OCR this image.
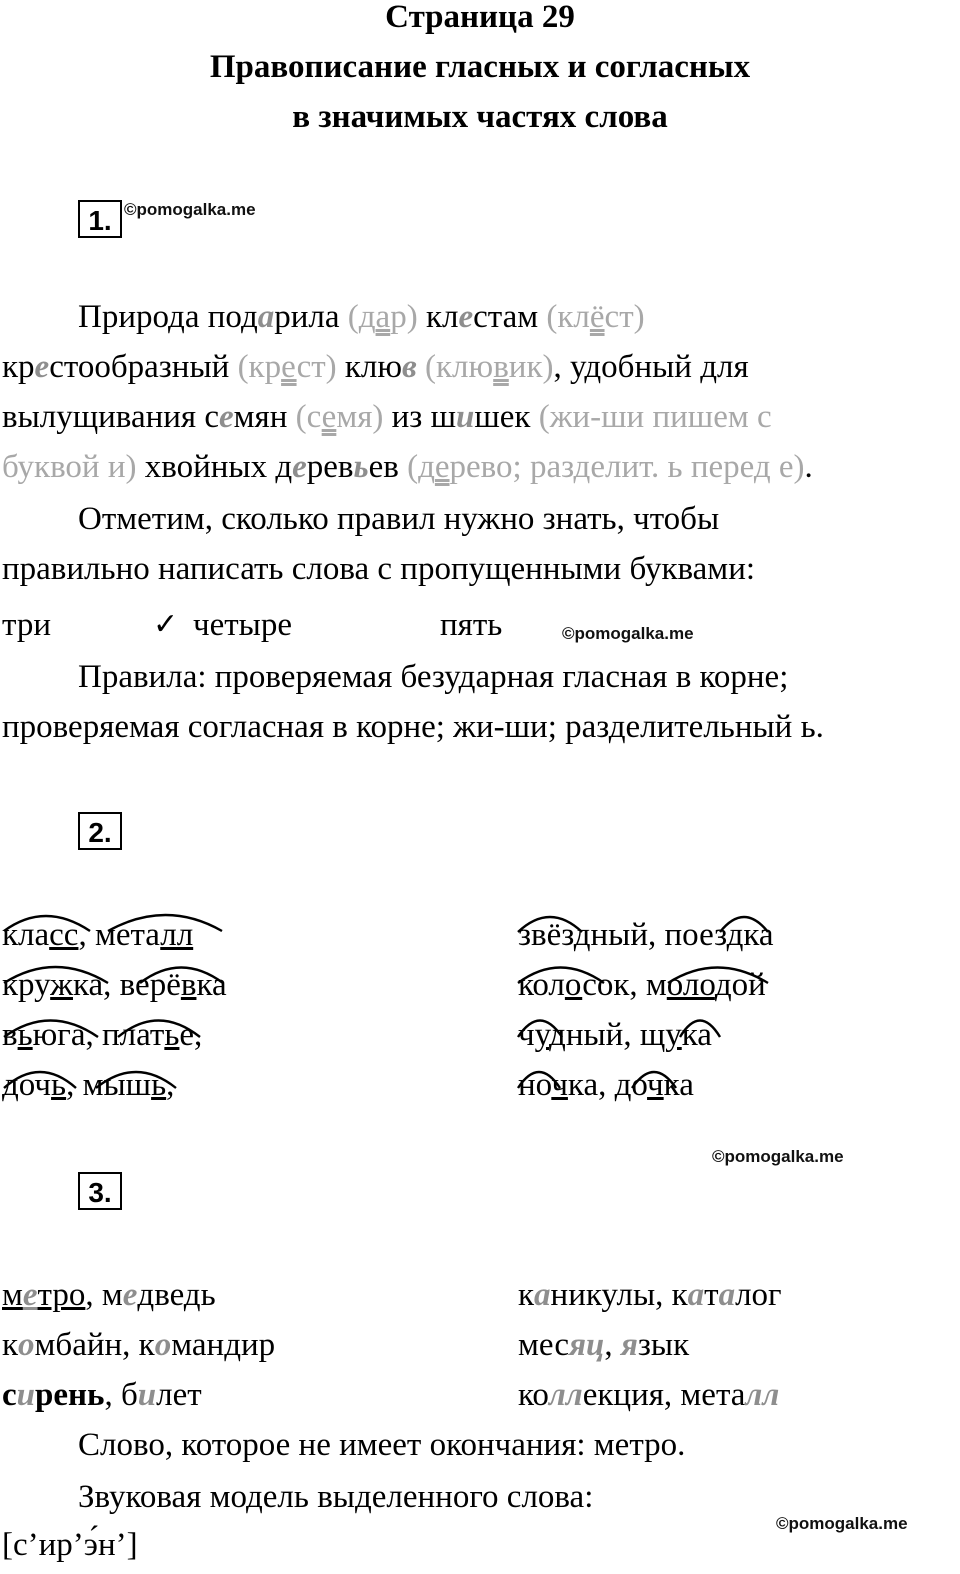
Страница 29
Правописание гласных и согласных
в значимых частях слова
1. ©pomogalka.me
Природа подарила (дар) клестам (клёст)
крестообразный (крест) клюв (клювик), удобный для
вылущивания семян (семя) из шишек (жи-ши пишем с
буквой и) хвойных деревьев (дерево; разделит. ь перед е).
Отметим, сколько правил нужно знать, чтобы
правильно написать слова с пропущенными буквами:
три	✓ четыре	пять	©pomogalka.me
Правила: проверяемая безударная гласная в корне;
проверяемая согласная в корне; жи-ши; разделительный ь.
2.
класс, металл
кружка, верёвка
вьюга, платье,
дочь, мышь,
звёздный, поездка
колосок, молодой
чудный, щука
ночка, дочка
©pomogalka.me
3.
метро, медведь
комбайн, командир
сирень, билет
каникулы, каталог
месяц, язык
коллекция, металл
Слово, которое не имеет окончания: метро.
Звуковая модель выделенного слова:
[с’ир’э́н’]
©pomogalka.me
